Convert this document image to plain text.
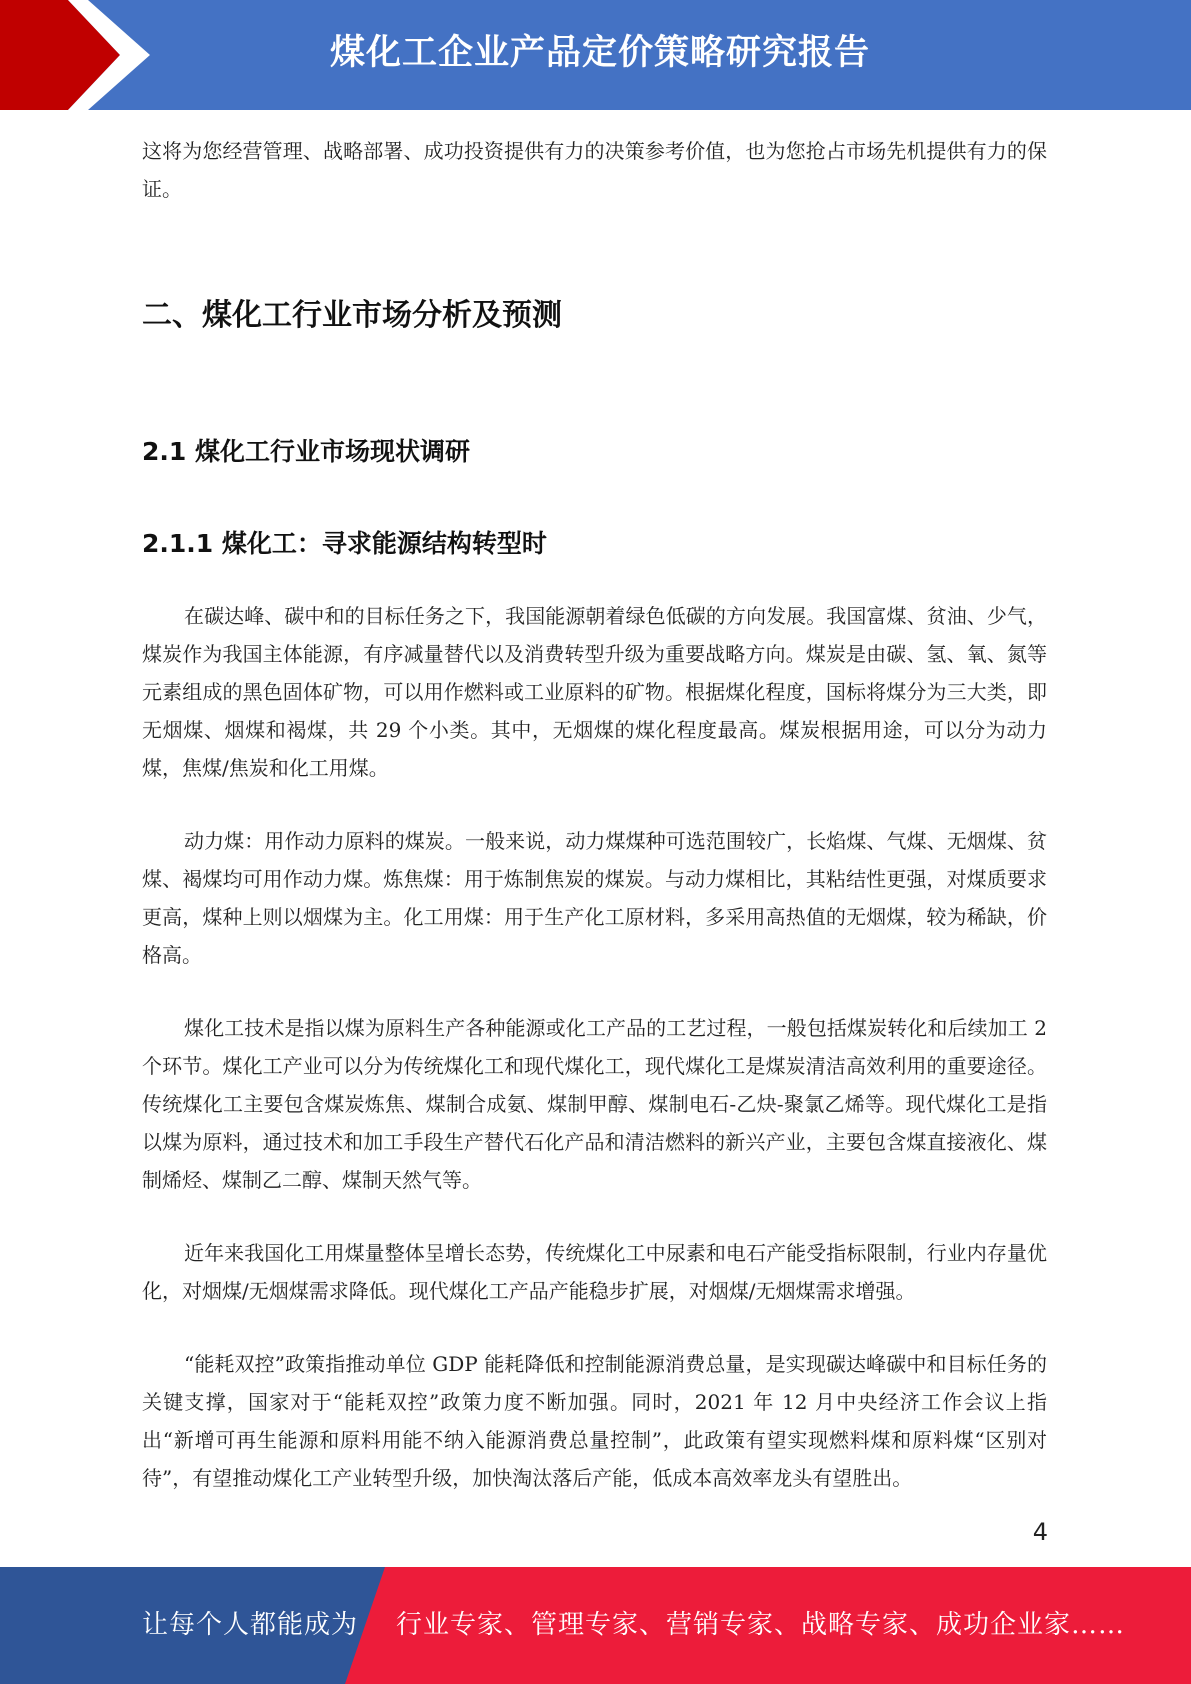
煤化工企业产品定价策略研究报告

这将为您经营管理、战略部署、成功投资提供有力的决策参考价值，也为您抢占市场先机提供有力的保证。

二、煤化工行业市场分析及预测
2.1 煤化工行业市场现状调研
2.1.1 煤化工：寻求能源结构转型时

在碳达峰、碳中和的目标任务之下，我国能源朝着绿色低碳的方向发展。我国富煤、贫油、少气，煤炭作为我国主体能源，有序减量替代以及消费转型升级为重要战略方向。煤炭是由碳、氢、氧、氮等元素组成的黑色固体矿物，可以用作燃料或工业原料的矿物。根据煤化程度，国标将煤分为三大类，即无烟煤、烟煤和褐煤，共 29 个小类。其中，无烟煤的煤化程度最高。煤炭根据用途，可以分为动力煤，焦煤/焦炭和化工用煤。

动力煤：用作动力原料的煤炭。一般来说，动力煤煤种可选范围较广，长焰煤、气煤、无烟煤、贫煤、褐煤均可用作动力煤。炼焦煤：用于炼制焦炭的煤炭。与动力煤相比，其粘结性更强，对煤质要求更高，煤种上则以烟煤为主。化工用煤：用于生产化工原材料，多采用高热值的无烟煤，较为稀缺，价格高。

煤化工技术是指以煤为原料生产各种能源或化工产品的工艺过程，一般包括煤炭转化和后续加工 2 个环节。煤化工产业可以分为传统煤化工和现代煤化工，现代煤化工是煤炭清洁高效利用的重要途径。传统煤化工主要包含煤炭炼焦、煤制合成氨、煤制甲醇、煤制电石-乙炔-聚氯乙烯等。现代煤化工是指以煤为原料，通过技术和加工手段生产替代石化产品和清洁燃料的新兴产业，主要包含煤直接液化、煤制烯烃、煤制乙二醇、煤制天然气等。

近年来我国化工用煤量整体呈增长态势，传统煤化工中尿素和电石产能受指标限制，行业内存量优化，对烟煤/无烟煤需求降低。现代煤化工产品产能稳步扩展，对烟煤/无烟煤需求增强。

“能耗双控”政策指推动单位 GDP 能耗降低和控制能源消费总量，是实现碳达峰碳中和目标任务的关键支撑，国家对于“能耗双控”政策力度不断加强。同时，2021 年 12 月中央经济工作会议上指出“新增可再生能源和原料用能不纳入能源消费总量控制”，此政策有望实现燃料煤和原料煤“区别对待”，有望推动煤化工产业转型升级，加快淘汰落后产能，低成本高效率龙头有望胜出。

4
让每个人都能成为 行业专家、管理专家、营销专家、战略专家、成功企业家……
